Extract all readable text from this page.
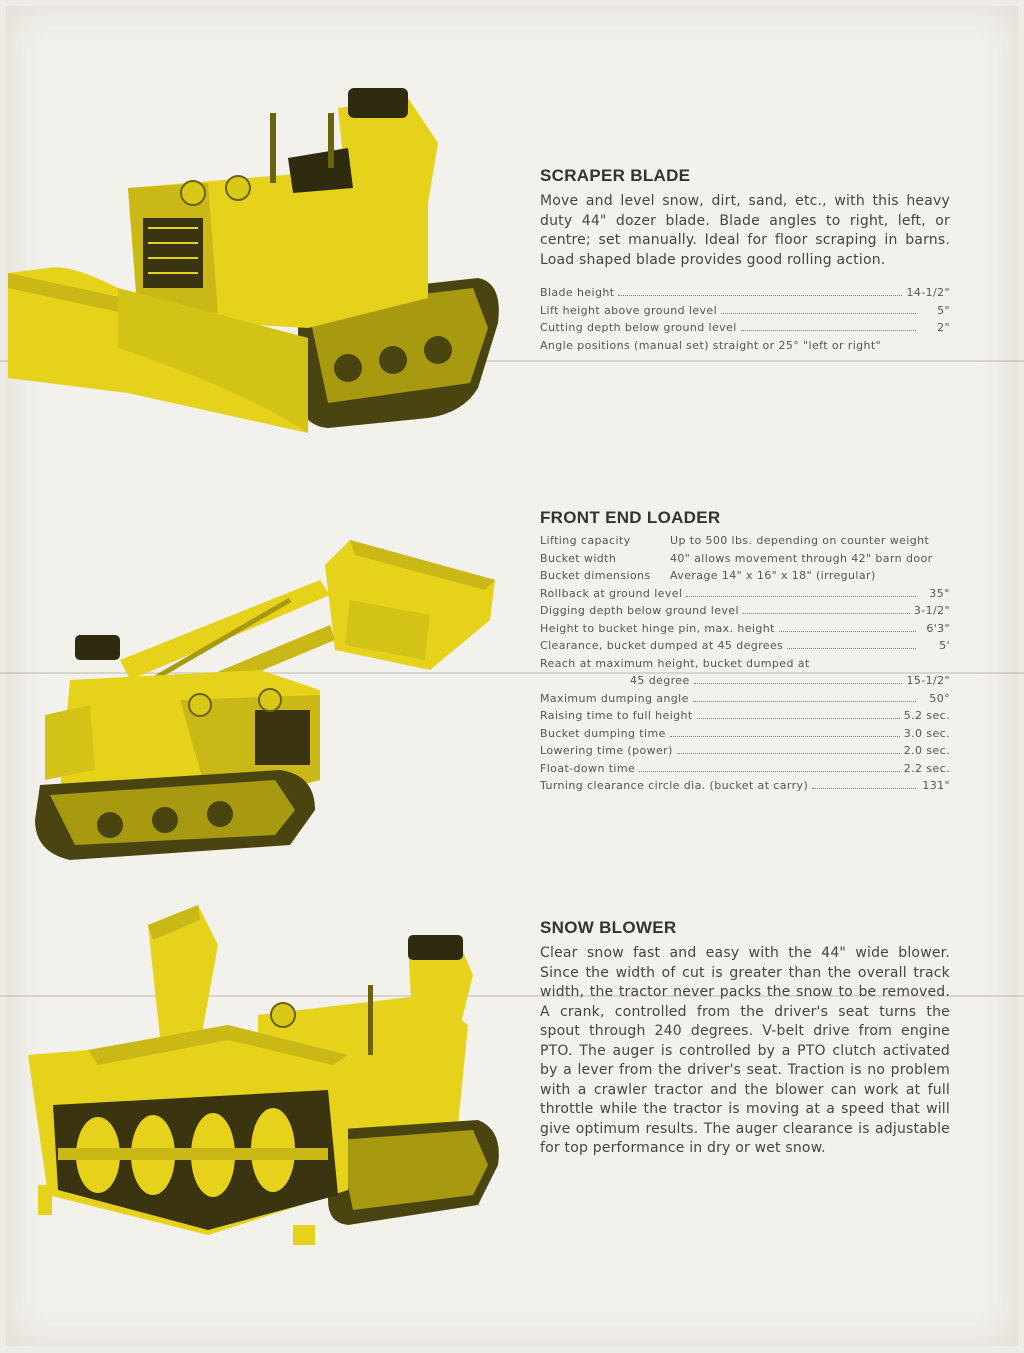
SCRAPER BLADE

Move and level snow, dirt, sand, etc., with this heavy duty 44" dozer blade. Blade angles to right, left, or centre; set manually. Ideal for floor scraping in barns. Load shaped blade provides good rolling action.

Blade height	14-1/2"
Lift height above ground level	5"
Cutting depth below ground level	2"
Angle positions (manual set) straight or 25° "left or right"
FRONT END LOADER
Lifting capacity	Up to 500 lbs. depending on counter weight
Bucket width	40" allows movement through 42" barn door
Bucket dimensions	Average 14" x 16" x 18" (irregular)
Rollback at ground level	35°
Digging depth below ground level	3-1/2"
Height to bucket hinge pin, max. height	6'3"
Clearance, bucket dumped at 45 degrees	5'
Reach at maximum height, bucket dumped at
45 degree	15-1/2"
Maximum dumping angle	50°
Raising time to full height	5.2 sec.
Bucket dumping time	3.0 sec.
Lowering time (power)	2.0 sec.
Float-down time	2.2 sec.
Turning clearance circle dia. (bucket at carry)	131"
SNOW BLOWER

Clear snow fast and easy with the 44" wide blower. Since the width of cut is greater than the overall track width, the tractor never packs the snow to be removed. A crank, controlled from the driver's seat turns the spout through 240 degrees. V-belt drive from engine PTO. The auger is controlled by a PTO clutch activated by a lever from the driver's seat. Traction is no problem with a crawler tractor and the blower can work at full throttle while the tractor is moving at a speed that will give optimum results. The auger clearance is adjustable for top performance in dry or wet snow.
